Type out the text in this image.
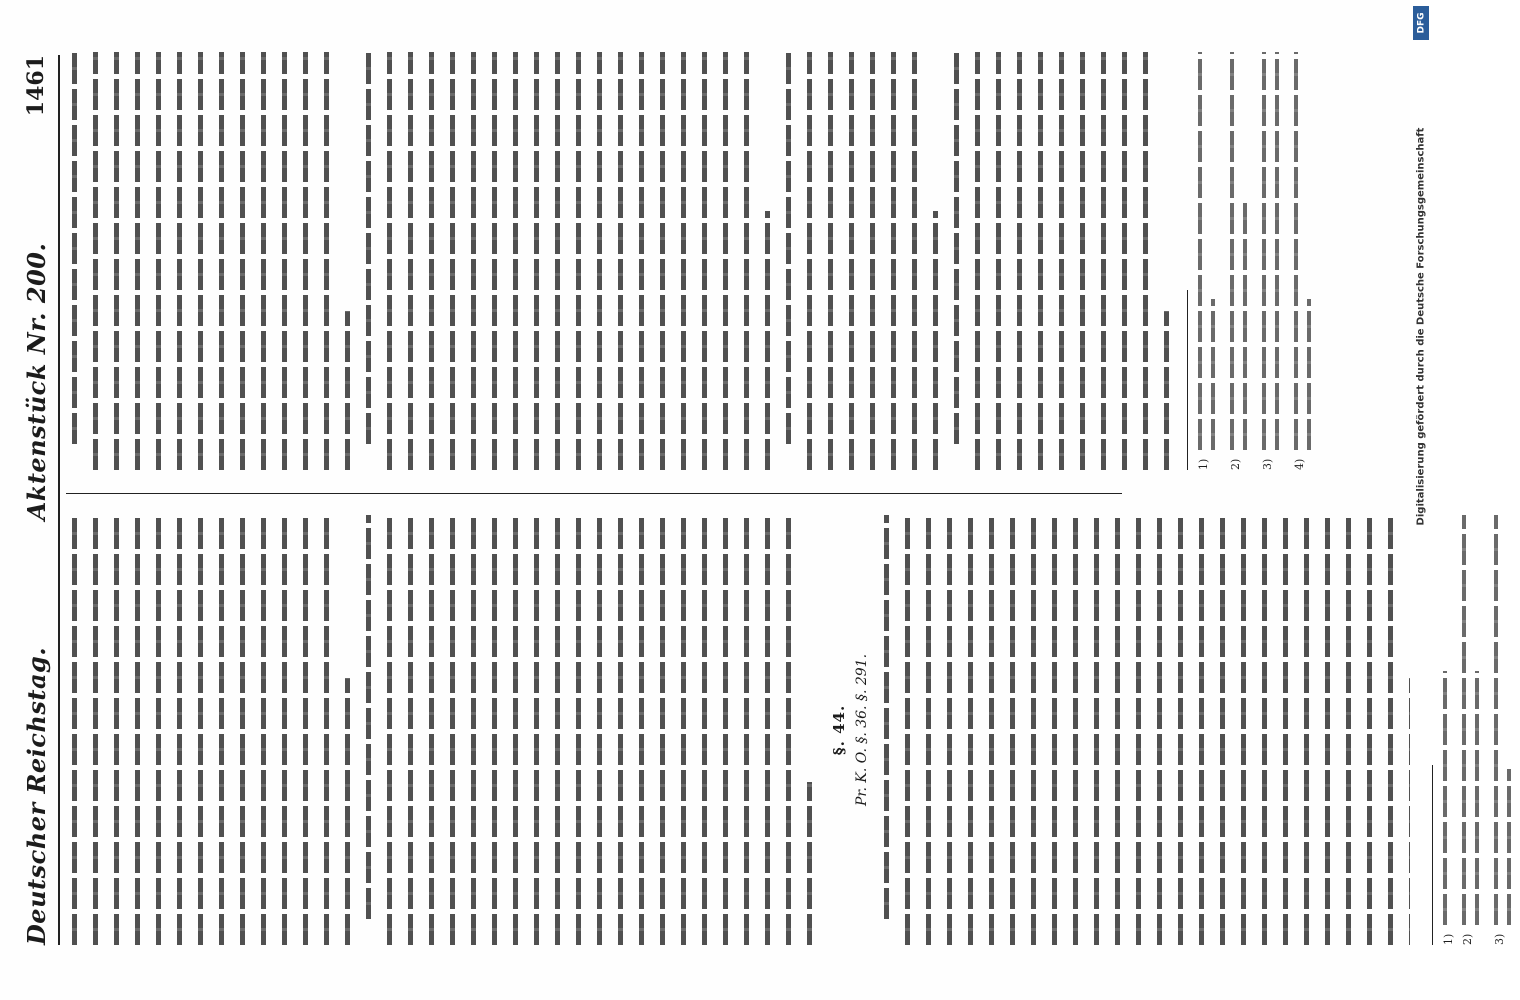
Deutscher Reichstag.
Aktenstück Nr. 200.
1461
§. 44. Pr. K. O. §. 36. §. 291.
1) 2) 3)
1) 2) 3) 4)
DFG
Digitalisierung gefördert durch die Deutsche Forschungsgemeinschaft
